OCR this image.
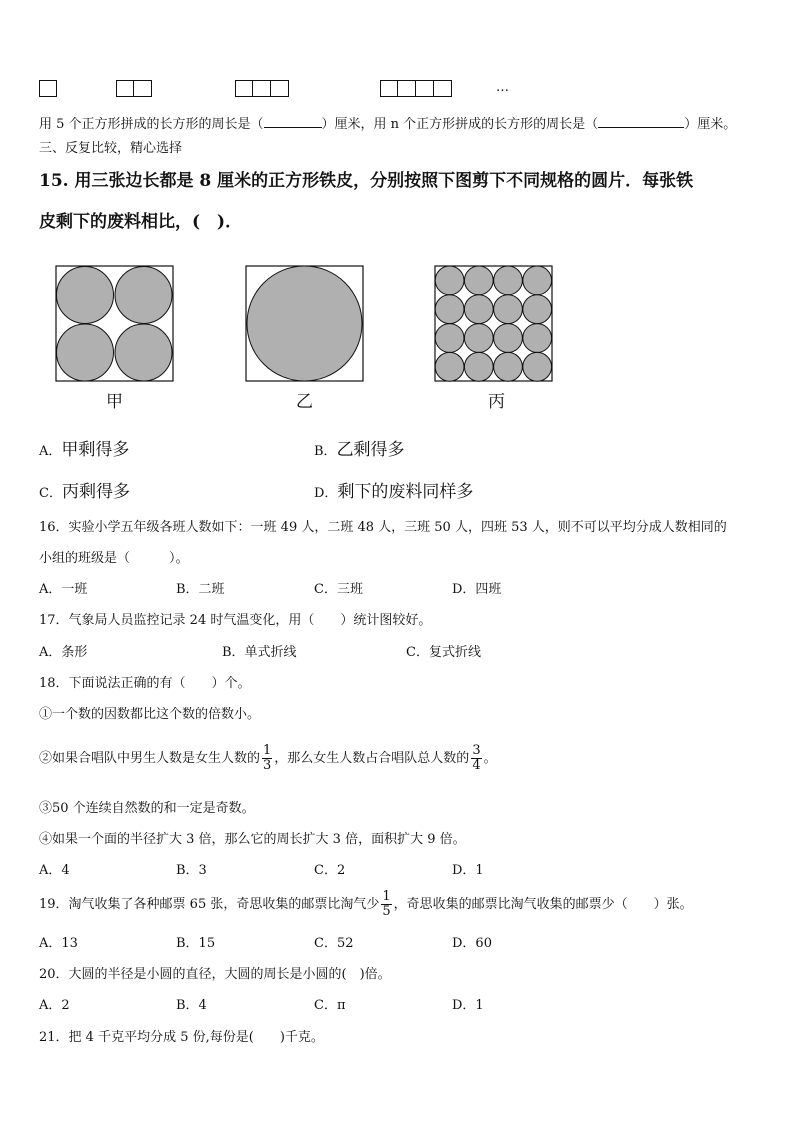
…
用 5 个正方形拼成的长方形的周长是（	）厘米，用 n 个正方形拼成的长方形的周长是（	）厘米。
三、反复比较，精心选择
15. 用三张边长都是 8 厘米的正方形铁皮，分别按照下图剪下不同规格的圆片．每张铁
皮剩下的废料相比，(　)．
甲	乙	丙
A．甲剩得多	B．乙剩得多
C．丙剩得多	D．剩下的废料同样多
16．实验小学五年级各班人数如下：一班 49 人，二班 48 人，三班 50 人，四班 53 人，则不可以平均分成人数相同的
小组的班级是（　　　）。
A．一班	B．二班	C．三班	D．四班
17．气象局人员监控记录 24 时气温变化，用（　　）统计图较好。
A．条形	B．单式折线	C．复式折线
18．下面说法正确的有（　　）个。
①一个数的因数都比这个数的倍数小。
②如果合唱队中男生人数是女生人数的 $\frac{1}{3}$ ，那么女生人数占合唱队总人数的 $\frac{3}{4}$ 。
③50 个连续自然数的和一定是奇数。
④如果一个面的半径扩大 3 倍，那么它的周长扩大 3 倍，面积扩大 9 倍。
A．4	B．3	C．2	D．1
19．淘气收集了各种邮票 65 张，奇思收集的邮票比淘气少 $\frac{1}{5}$ ，奇思收集的邮票比淘气收集的邮票少（　　）张。
A．13	B．15	C．52	D．60
20．大圆的半径是小圆的直径，大圆的周长是小圆的(　)倍。
A．2	B．4	C．π	D．1
21．把 4 千克平均分成 5 份,每份是(　　)千克。
